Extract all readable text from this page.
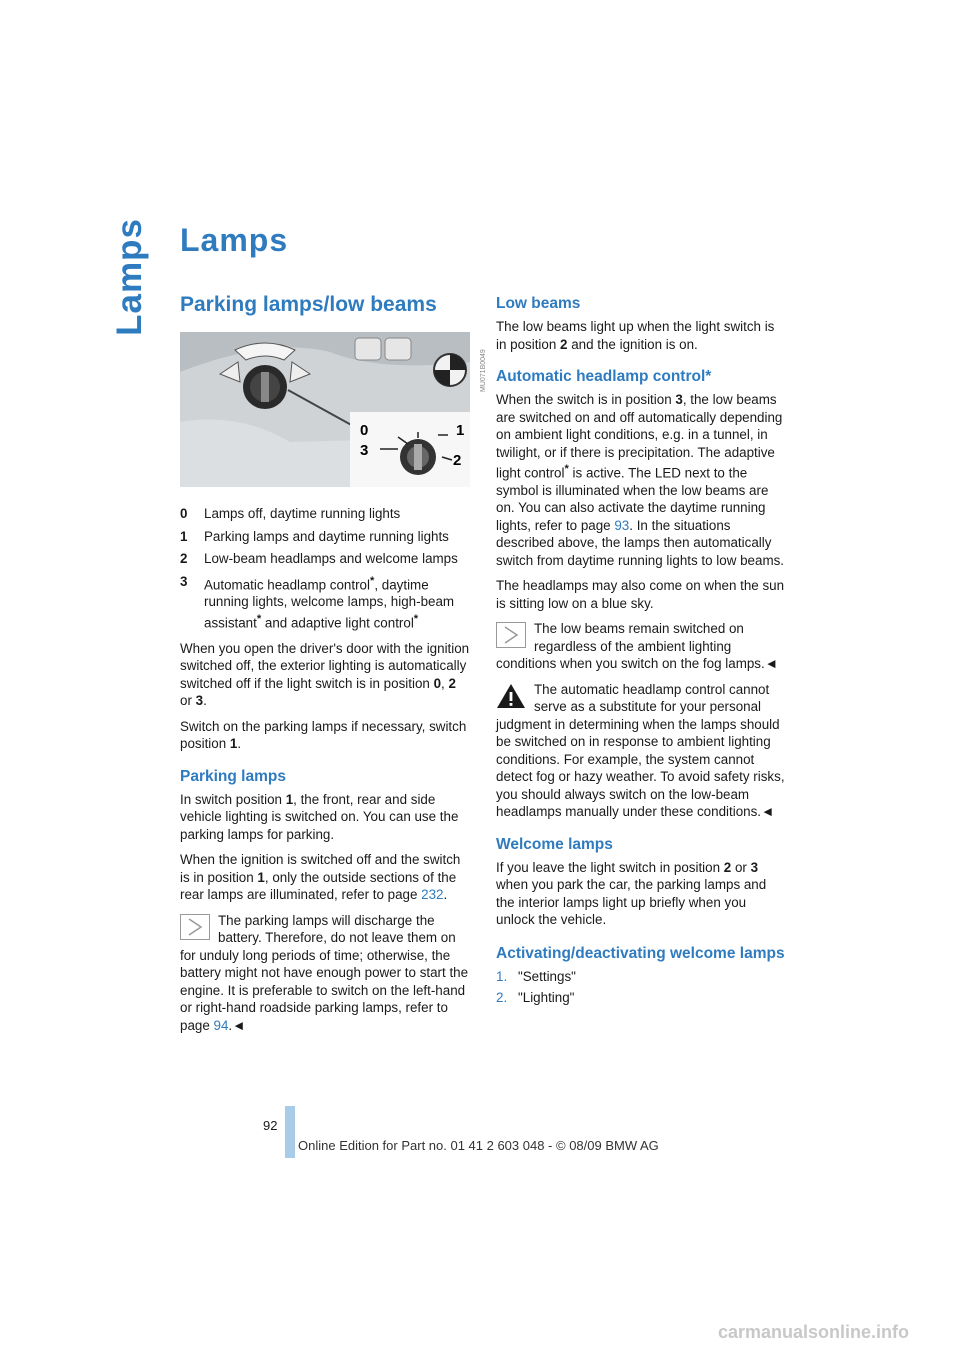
Lamps Lamps
Parking lamps/low beams
0	1
3
2
MU071B0049
0	Lamps off, daytime running lights
1	Parking lamps and daytime running lights
2	Low-beam headlamps and welcome lamps
3	Automatic headlamp control*, daytime running lights, welcome lamps, high-beam assistant* and adaptive light control*

When you open the driver's door with the ignition switched off, the exterior lighting is automatically switched off if the light switch is in position 0, 2 or 3.

Switch on the parking lamps if necessary, switch position 1.

Parking lamps

In switch position 1, the front, rear and side vehicle lighting is switched on. You can use the parking lamps for parking.

When the ignition is switched off and the switch is in position 1, only the outside sections of the rear lamps are illuminated, refer to page 232.

The parking lamps will discharge the battery. Therefore, do not leave them on for unduly long periods of time; otherwise, the battery might not have enough power to start the engine. It is preferable to switch on the left-hand or right-hand roadside parking lamps, refer to page 94.◄
Low beams

The low beams light up when the light switch is in position 2 and the ignition is on.

Automatic headlamp control*

When the switch is in position 3, the low beams are switched on and off automatically depending on ambient light conditions, e.g. in a tunnel, in twilight, or if there is precipitation. The adaptive light control* is active. The LED next to the symbol is illuminated when the low beams are on. You can also activate the daytime running lights, refer to page 93. In the situations described above, the lamps then automatically switch from daytime running lights to low beams.

The headlamps may also come on when the sun is sitting low on a blue sky.

The low beams remain switched on regardless of the ambient lighting conditions when you switch on the fog lamps.◄
The automatic headlamp control cannot serve as a substitute for your personal judgment in determining when the lamps should be switched on in response to ambient lighting conditions. For example, the system cannot detect fog or hazy weather. To avoid safety risks, you should always switch on the low-beam headlamps manually under these conditions.◄
Welcome lamps

If you leave the light switch in position 2 or 3 when you park the car, the parking lamps and the interior lamps light up briefly when you unlock the vehicle.

Activating/deactivating welcome lamps
1. "Settings"
2. "Lighting"
92
Online Edition for Part no. 01 41 2 603 048 - © 08/09 BMW AG
carmanualsonline.info
